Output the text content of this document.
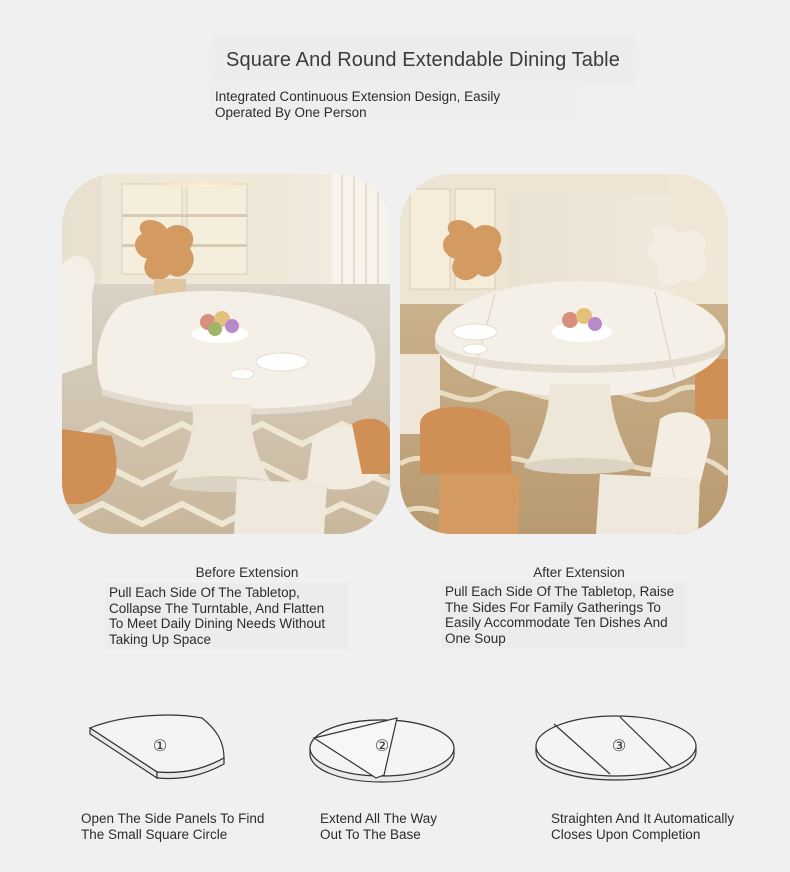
Square And Round Extendable Dining Table
Integrated Continuous Extension Design, Easily
Operated By One Person
Before Extension
Pull Each Side Of The Tabletop,
Collapse The Turntable, And Flatten
To Meet Daily Dining Needs Without
Taking Up Space
After Extension
Pull Each Side Of The Tabletop, Raise
The Sides For Family Gatherings To
Easily Accommodate Ten Dishes And
One Soup
①	②	③
Open The Side Panels To Find
The Small Square Circle
Extend All The Way
Out To The Base
Straighten And It Automatically
Closes Upon Completion
